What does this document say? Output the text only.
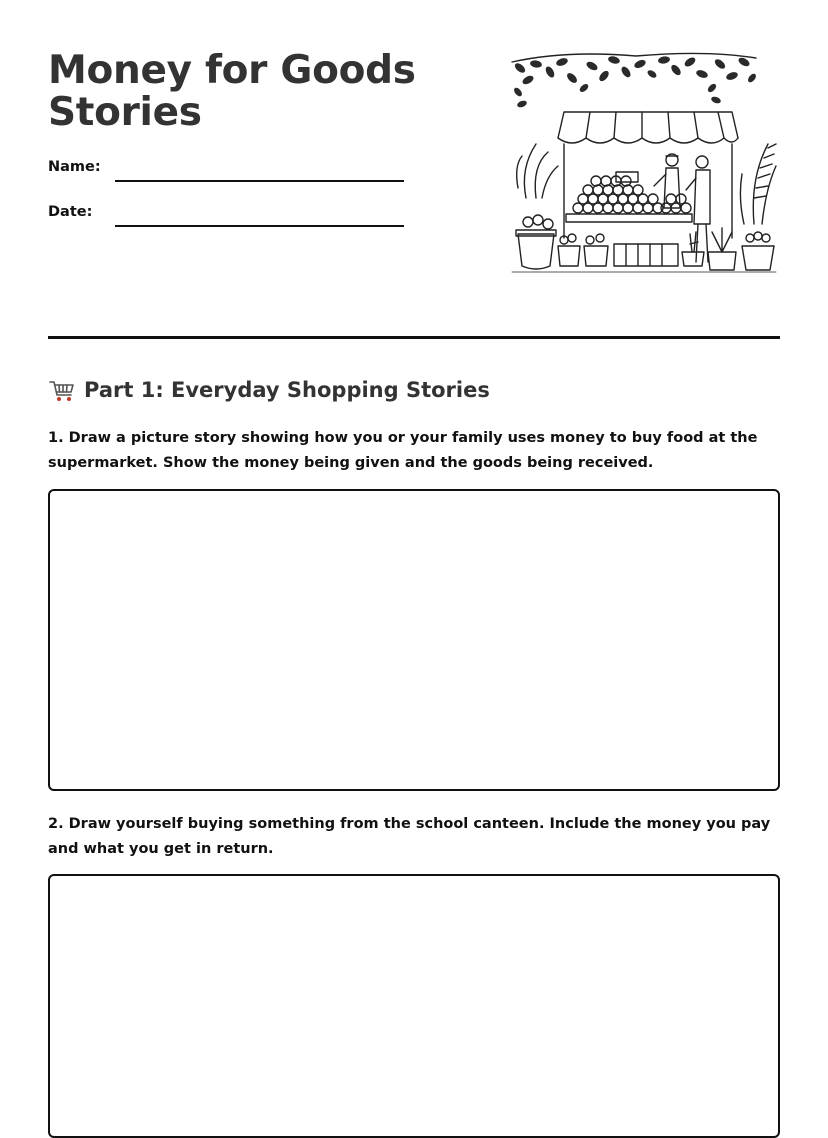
Money for Goods Stories
Name:
Date:
Part 1: Everyday Shopping Stories

1. Draw a picture story showing how you or your family uses money to buy food at the supermarket. Show the money being given and the goods being received.

2. Draw yourself buying something from the school canteen. Include the money you pay and what you get in return.
